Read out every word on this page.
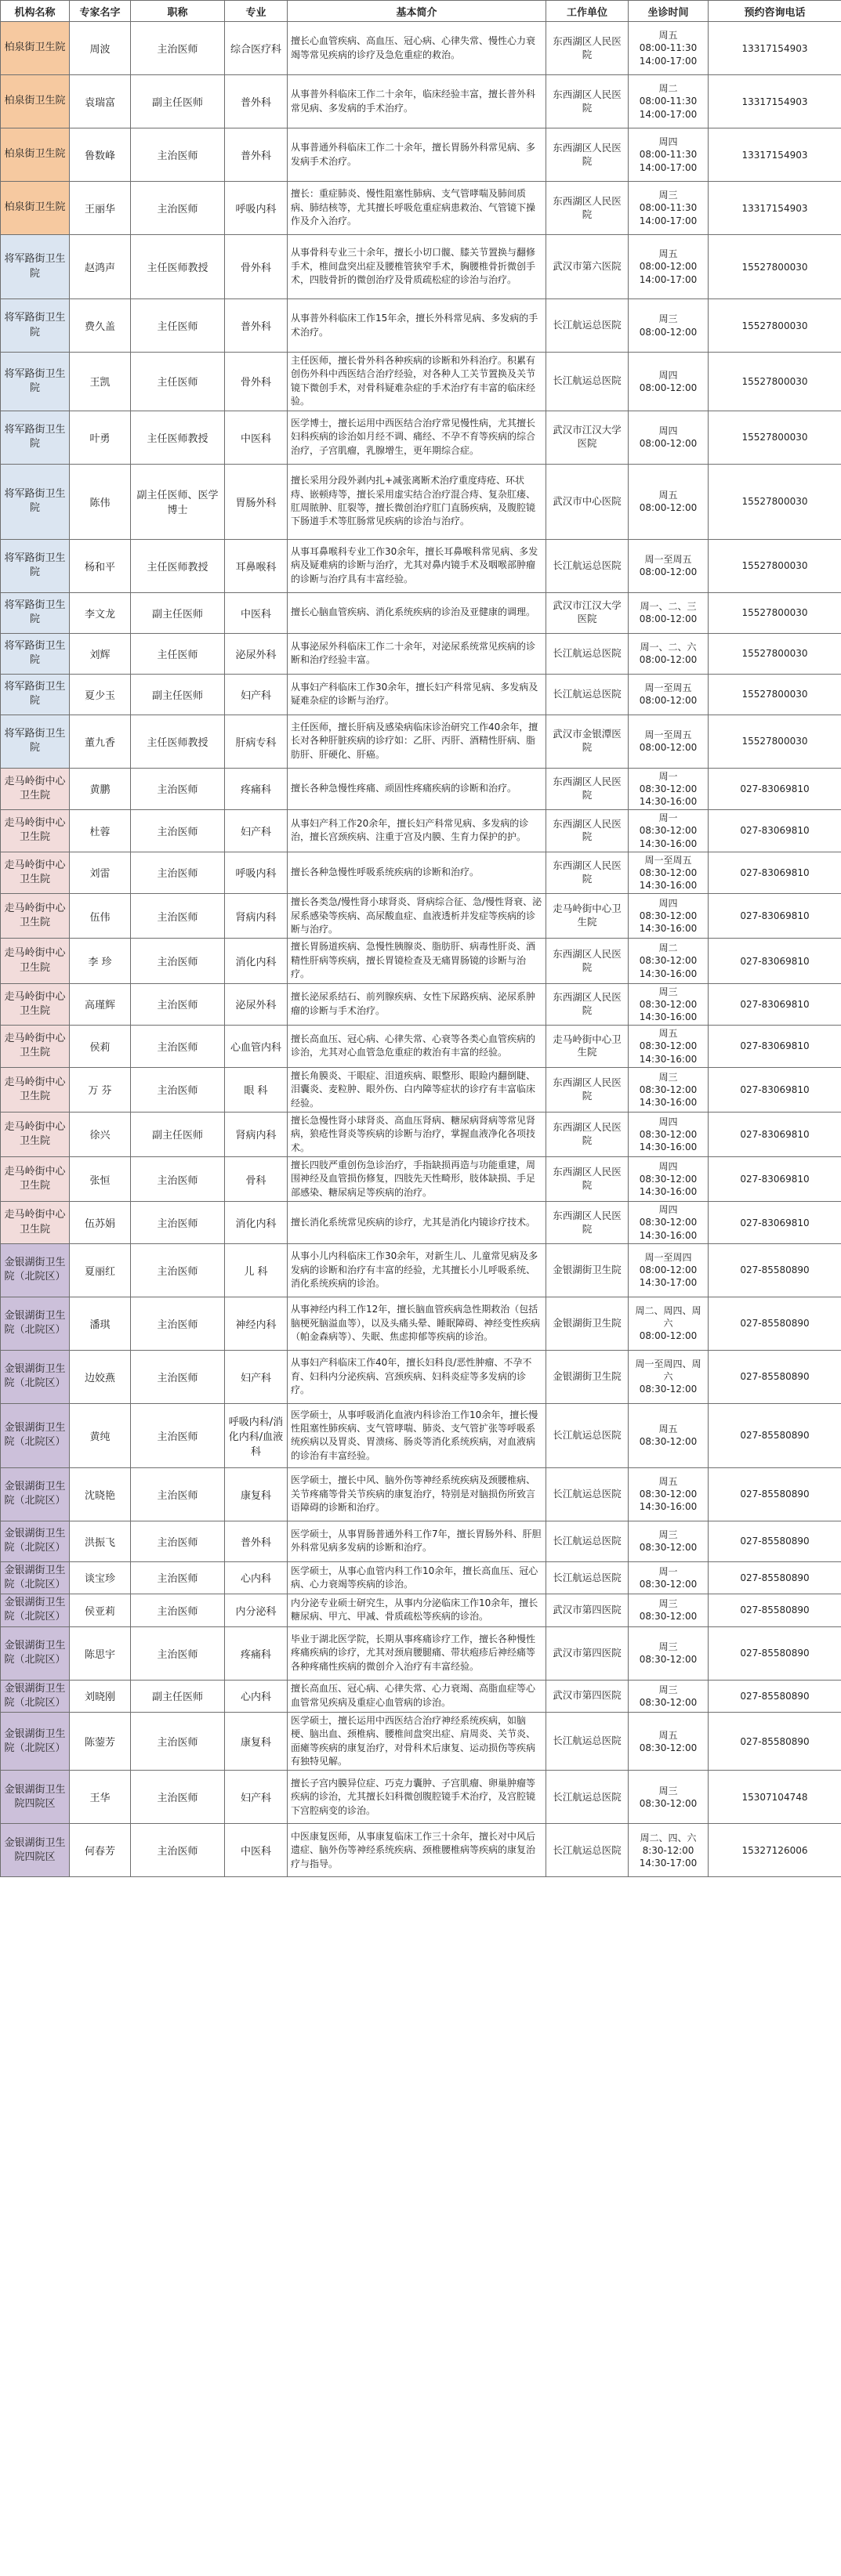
机构名称	专家名字	职称	专业	基本简介	工作单位	坐诊时间	预约咨询电话
柏泉街卫生院	周波	主治医师	综合医疗科	擅长心血管疾病、高血压、冠心病、心律失常、慢性心力衰竭等常见疾病的诊疗及急危重症的救治。	东西湖区人民医院	周五
08:00-11:30
14:00-17:00	13317154903
柏泉街卫生院	袁瑞富	副主任医师	普外科	从事普外科临床工作二十余年，临床经验丰富，擅长普外科常见病、多发病的手术治疗。	东西湖区人民医院	周二
08:00-11:30
14:00-17:00	13317154903
柏泉街卫生院	鲁数峰	主治医师	普外科	从事普通外科临床工作二十余年，擅长胃肠外科常见病、多发病手术治疗。	东西湖区人民医院	周四
08:00-11:30
14:00-17:00	13317154903
柏泉街卫生院	王丽华	主治医师	呼吸内科	擅长：重症肺炎、慢性阻塞性肺病、支气管哮喘及肺间质病、肺结核等，尤其擅长呼吸危重症病患救治、气管镜下操作及介入治疗。	东西湖区人民医院	周三
08:00-11:30
14:00-17:00	13317154903
将军路街卫生院	赵鸿声	主任医师教授	骨外科	从事骨科专业三十余年，擅长小切口髋、膝关节置换与翻修手术，椎间盘突出症及腰椎管狭窄手术，胸腰椎骨折微创手术，四肢骨折的微创治疗及骨质疏松症的诊治与治疗。	武汉市第六医院	周五
08:00-12:00
14:00-17:00	15527800030
将军路街卫生院	费久盖	主任医师	普外科	从事普外科临床工作15年余，擅长外科常见病、多发病的手术治疗。	长江航运总医院	周三
08:00-12:00	15527800030
将军路街卫生院	王凯	主任医师	骨外科	主任医师，擅长骨外科各种疾病的诊断和外科治疗。积累有创伤外科中西医结合治疗经验，对各种人工关节置换及关节镜下微创手术，对骨科疑难杂症的手术治疗有丰富的临床经验。	长江航运总医院	周四
08:00-12:00	15527800030
将军路街卫生院	叶勇	主任医师教授	中医科	医学博士，擅长运用中西医结合治疗常见慢性病，尤其擅长妇科疾病的诊治如月经不调、痛经、不孕不育等疾病的综合治疗，子宫肌瘤，乳腺增生，更年期综合症。	武汉市江汉大学医院	周四
08:00-12:00	15527800030
将军路街卫生院	陈伟	副主任医师、医学博士	胃肠外科	擅长采用分段外剥内扎+减张离断术治疗重度痔疮、环状痔、嵌顿痔等，擅长采用虚实结合治疗混合痔、复杂肛瘘、肛周脓肿、肛裂等，擅长微创治疗肛门直肠疾病，及腹腔镜下肠道手术等肛肠常见疾病的诊治与治疗。	武汉市中心医院	周五
08:00-12:00	15527800030
将军路街卫生院	杨和平	主任医师教授	耳鼻喉科	从事耳鼻喉科专业工作30余年，擅长耳鼻喉科常见病、多发病及疑难病的诊断与治疗，尤其对鼻内镜手术及咽喉部肿瘤的诊断与治疗具有丰富经验。	长江航运总医院	周一至周五
08:00-12:00	15527800030
将军路街卫生院	李文龙	副主任医师	中医科	擅长心脑血管疾病、消化系统疾病的诊治及亚健康的调理。	武汉市江汉大学医院	周一、二、三
08:00-12:00	15527800030
将军路街卫生院	刘辉	主任医师	泌尿外科	从事泌尿外科临床工作二十余年，对泌尿系统常见疾病的诊断和治疗经验丰富。	长江航运总医院	周一、二、六
08:00-12:00	15527800030
将军路街卫生院	夏少玉	副主任医师	妇产科	从事妇产科临床工作30余年，擅长妇产科常见病、多发病及疑难杂症的诊断与治疗。	长江航运总医院	周一至周五
08:00-12:00	15527800030
将军路街卫生院	董九香	主任医师教授	肝病专科	主任医师，擅长肝病及感染病临床诊治研究工作40余年，擅长对各种肝脏疾病的诊疗如：乙肝、丙肝、酒精性肝病、脂肪肝、肝硬化、肝癌。	武汉市金银潭医院	周一至周五
08:00-12:00	15527800030
走马岭街中心卫生院	黄鹏	主治医师	疼痛科	擅长各种急慢性疼痛、顽固性疼痛疾病的诊断和治疗。	东西湖区人民医院	周一
08:30-12:00
14:30-16:00	027-83069810
走马岭街中心卫生院	杜蓉	主治医师	妇产科	从事妇产科工作20余年，擅长妇产科常见病、多发病的诊治，擅长宫颈疾病、注重于宫及内膜、生育力保护的护。	东西湖区人民医院	周一
08:30-12:00
14:30-16:00	027-83069810
走马岭街中心卫生院	刘雷	主治医师	呼吸内科	擅长各种急慢性呼吸系统疾病的诊断和治疗。	东西湖区人民医院	周一至周五
08:30-12:00
14:30-16:00	027-83069810
走马岭街中心卫生院	伍伟	主治医师	肾病内科	擅长各类急/慢性肾小球肾炎、肾病综合征、急/慢性肾衰、泌尿系感染等疾病、高尿酸血症、血液透析并发症等疾病的诊断与治疗。	走马岭街中心卫生院	周四
08:30-12:00
14:30-16:00	027-83069810
走马岭街中心卫生院	李 珍	主治医师	消化内科	擅长胃肠道疾病、急慢性胰腺炎、脂肪肝、病毒性肝炎、酒精性肝病等疾病，擅长胃镜检查及无痛胃肠镜的诊断与治疗。	东西湖区人民医院	周二
08:30-12:00
14:30-16:00	027-83069810
走马岭街中心卫生院	高瑾辉	主治医师	泌尿外科	擅长泌尿系结石、前列腺疾病、女性下尿路疾病、泌尿系肿瘤的诊断与手术治疗。	东西湖区人民医院	周三
08:30-12:00
14:30-16:00	027-83069810
走马岭街中心卫生院	侯莉	主治医师	心血管内科	擅长高血压、冠心病、心律失常、心衰等各类心血管疾病的诊治，尤其对心血管急危重症的救治有丰富的经验。	走马岭街中心卫生院	周五
08:30-12:00
14:30-16:00	027-83069810
走马岭街中心卫生院	万 芬	主治医师	眼 科	擅长角膜炎、干眼症、泪道疾病、眼整形、眼睑内翻倒睫、泪囊炎、麦粒肿、眼外伤、白内障等症状的诊疗有丰富临床经验。	东西湖区人民医院	周三
08:30-12:00
14:30-16:00	027-83069810
走马岭街中心卫生院	徐兴	副主任医师	肾病内科	擅长急慢性肾小球肾炎、高血压肾病、糖尿病肾病等常见肾病，狼疮性肾炎等疾病的诊断与治疗，掌握血液净化各项技术。	东西湖区人民医院	周四
08:30-12:00
14:30-16:00	027-83069810
走马岭街中心卫生院	张恒	主治医师	骨科	擅长四肢严重创伤急诊治疗，手指缺损再造与功能重建，周围神经及血管损伤修复，四肢先天性畸形，肢体缺损、手足部感染、糖尿病足等疾病的治疗。	东西湖区人民医院	周四
08:30-12:00
14:30-16:00	027-83069810
走马岭街中心卫生院	伍苏娟	主治医师	消化内科	擅长消化系统常见疾病的诊疗，尤其是消化内镜诊疗技术。	东西湖区人民医院	周四
08:30-12:00
14:30-16:00	027-83069810
金银湖街卫生院（北院区）	夏丽红	主治医师	儿 科	从事小儿内科临床工作30余年，对新生儿、儿童常见病及多发病的诊断和治疗有丰富的经验，尤其擅长小儿呼吸系统、消化系统疾病的诊治。	金银湖街卫生院	周一至周四
08:00-12:00
14:30-17:00	027-85580890
金银湖街卫生院（北院区）	潘琪	主治医师	神经内科	从事神经内科工作12年，擅长脑血管疾病急性期救治（包括脑梗死脑溢血等），以及头痛头晕、睡眠障碍、神经变性疾病（帕金森病等）、失眠、焦虑抑郁等疾病的诊治。	金银湖街卫生院	周二、周四、周六
08:00-12:00	027-85580890
金银湖街卫生院（北院区）	边姣燕	主治医师	妇产科	从事妇产科临床工作40年，擅长妇科良/恶性肿瘤、不孕不育、妇科内分泌疾病、宫颈疾病、妇科炎症等多发病的诊疗。	金银湖街卫生院	周一至周四、周六
08:30-12:00	027-85580890
金银湖街卫生院（北院区）	黄纯	主治医师	呼吸内科/消化内科/血液科	医学硕士，从事呼吸消化血液内科诊治工作10余年，擅长慢性阻塞性肺疾病、支气管哮喘、肺炎、支气管扩张等呼吸系统疾病以及胃炎、胃溃疡、肠炎等消化系统疾病，对血液病的诊治有丰富经验。	长江航运总医院	周五
08:30-12:00	027-85580890
金银湖街卫生院（北院区）	沈晓艳	主治医师	康复科	医学硕士，擅长中风、脑外伤等神经系统疾病及颈腰椎病、关节疼痛等骨关节疾病的康复治疗，特别是对脑损伤所致言语障碍的诊断和治疗。	长江航运总医院	周五
08:30-12:00
14:30-16:00	027-85580890
金银湖街卫生院（北院区）	洪振飞	主治医师	普外科	医学硕士，从事胃肠普通外科工作7年，擅长胃肠外科、肝胆外科常见病多发病的诊断和治疗。	长江航运总医院	周三
08:30-12:00	027-85580890
金银湖街卫生院（北院区）	谈宝珍	主治医师	心内科	医学硕士，从事心血管内科工作10余年，擅长高血压、冠心病、心力衰竭等疾病的诊治。	长江航运总医院	周一
08:30-12:00	027-85580890
金银湖街卫生院（北院区）	侯亚莉	主治医师	内分泌科	内分泌专业硕士研究生，从事内分泌临床工作10余年，擅长糖尿病、甲亢、甲减、骨质疏松等疾病的诊治。	武汉市第四医院	周三
08:30-12:00	027-85580890
金银湖街卫生院（北院区）	陈思宇	主治医师	疼痛科	毕业于湖北医学院，长期从事疼痛诊疗工作，擅长各种慢性疼痛疾病的诊疗，尤其对颈肩腰腿痛、带状疱疹后神经痛等各种疼痛性疾病的微创介入治疗有丰富经验。	武汉市第四医院	周三
08:30-12:00	027-85580890
金银湖街卫生院（北院区）	刘晓刚	副主任医师	心内科	擅长高血压、冠心病、心律失常、心力衰竭、高脂血症等心血管常见疾病及重症心血管病的诊治。	武汉市第四医院	周三
08:30-12:00	027-85580890
金银湖街卫生院（北院区）	陈蓥芳	主治医师	康复科	医学硕士，擅长运用中西医结合治疗神经系统疾病，如脑梗、脑出血、颈椎病、腰椎间盘突出症、肩周炎、关节炎、面瘫等疾病的康复治疗，对骨科术后康复、运动损伤等疾病有独特见解。	长江航运总医院	周五
08:30-12:00	027-85580890
金银湖街卫生院四院区	王华	主治医师	妇产科	擅长子宫内膜异位症、巧克力囊肿、子宫肌瘤、卵巢肿瘤等疾病的诊治，尤其擅长妇科微创腹腔镜手术治疗，及宫腔镜下宫腔病变的诊治。	长江航运总医院	周三
08:30-12:00	15307104748
金银湖街卫生院四院区	何春芳	主治医师	中医科	中医康复医师，从事康复临床工作三十余年，擅长对中风后遗症、脑外伤等神经系统疾病、颈椎腰椎病等疾病的康复治疗与指导。	长江航运总医院	周二、四、六
8:30-12:00
14:30-17:00	15327126006
